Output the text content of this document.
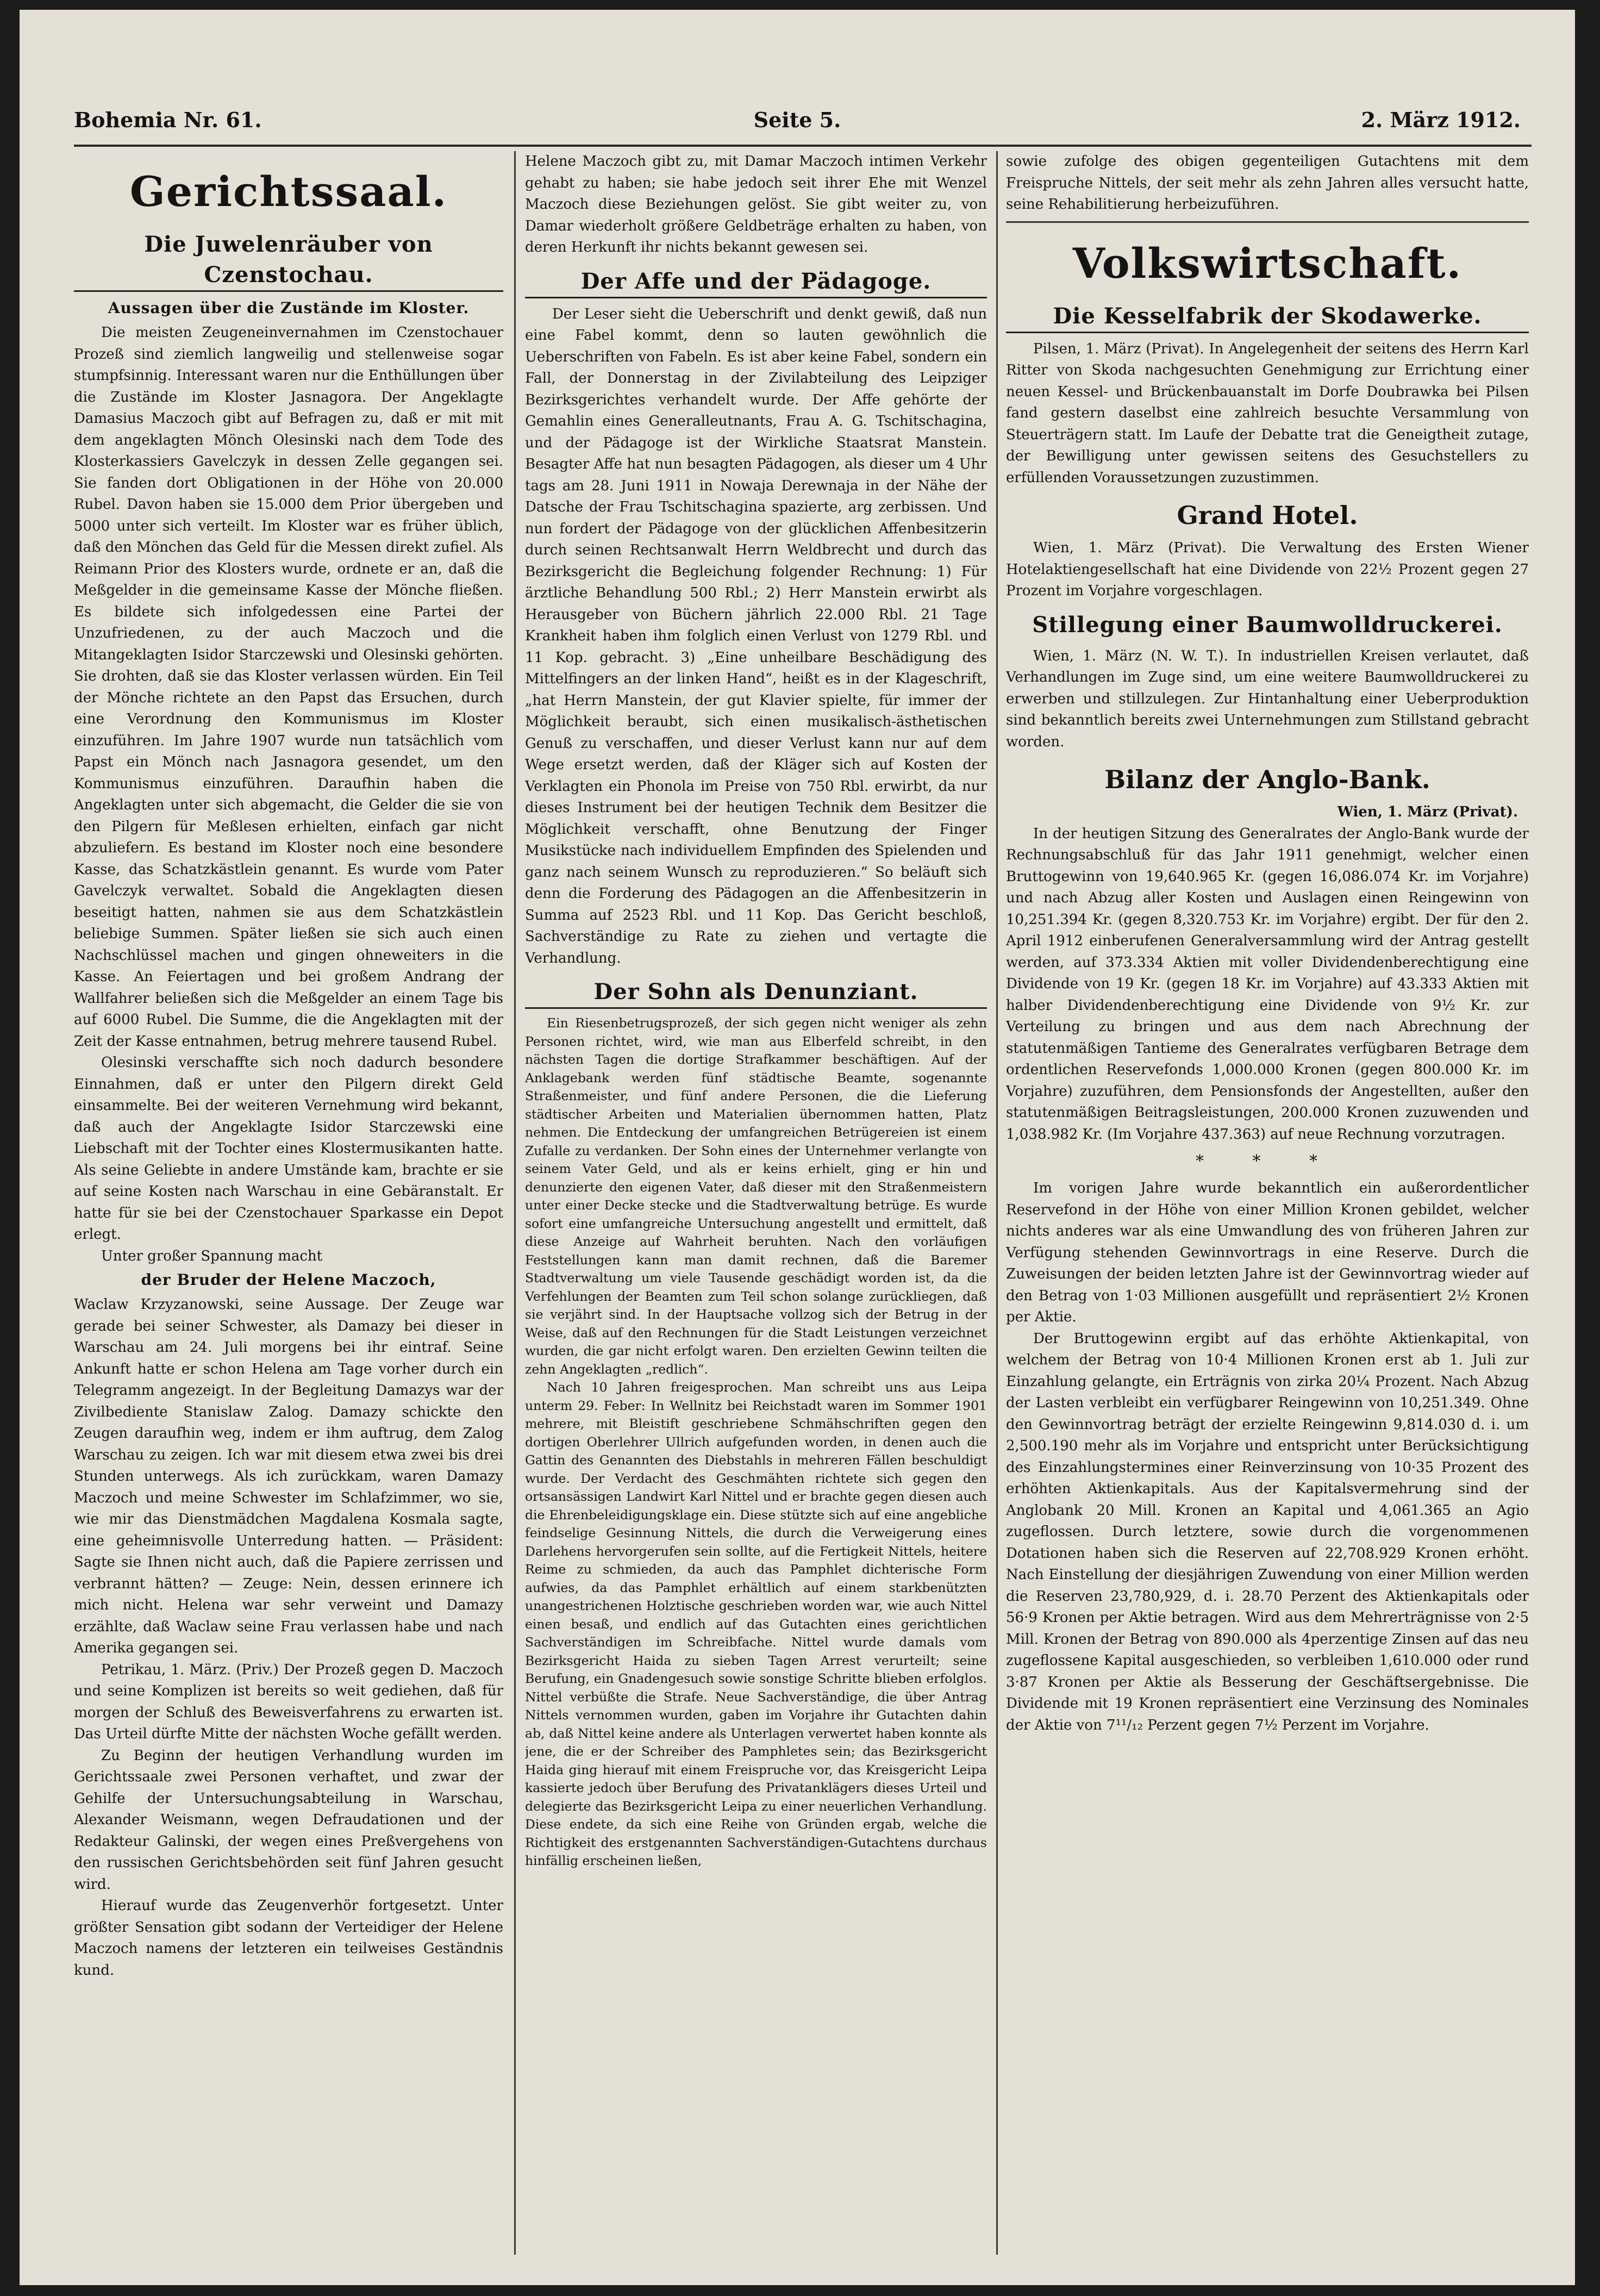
Bohemia Nr. 61.	Seite 5.	2. März 1912.
Gerichtssaal.
Die Juwelenräuber von Czenstochau.
Aussagen über die Zustände im Kloster.

Die meisten Zeugeneinvernahmen im Czenstochauer Prozeß sind ziemlich langweilig und stellenweise sogar stumpfsinnig. Interessant waren nur die Enthüllungen über die Zustände im Kloster Jasnagora. Der Angeklagte Damasius Maczoch gibt auf Befragen zu, daß er mit mit dem angeklagten Mönch Olesinski nach dem Tode des Klosterkassiers Gavelczyk in dessen Zelle gegangen sei. Sie fanden dort Obligationen in der Höhe von 20.000 Rubel. Davon haben sie 15.000 dem Prior übergeben und 5000 unter sich verteilt. Im Kloster war es früher üblich, daß den Mönchen das Geld für die Messen direkt zufiel. Als Reimann Prior des Klosters wurde, ordnete er an, daß die Meßgelder in die gemeinsame Kasse der Mönche fließen. Es bildete sich infolgedessen eine Partei der Unzufriedenen, zu der auch Maczoch und die Mitangeklagten Isidor Starczewski und Olesinski gehörten. Sie drohten, daß sie das Kloster verlassen würden. Ein Teil der Mönche richtete an den Papst das Ersuchen, durch eine Verordnung den Kommunismus im Kloster einzuführen. Im Jahre 1907 wurde nun tatsächlich vom Papst ein Mönch nach Jasnagora gesendet, um den Kommunismus einzuführen. Daraufhin haben die Angeklagten unter sich abgemacht, die Gelder die sie von den Pilgern für Meßlesen erhielten, einfach gar nicht abzuliefern. Es bestand im Kloster noch eine besondere Kasse, das Schatzkästlein genannt. Es wurde vom Pater Gavelczyk verwaltet. Sobald die Angeklagten diesen beseitigt hatten, nahmen sie aus dem Schatzkästlein beliebige Summen. Später ließen sie sich auch einen Nachschlüssel machen und gingen ohneweiters in die Kasse. An Feiertagen und bei großem Andrang der Wallfahrer beließen sich die Meßgelder an einem Tage bis auf 6000 Rubel. Die Summe, die die Angeklagten mit der Zeit der Kasse entnahmen, betrug mehrere tausend Rubel.

Olesinski verschaffte sich noch dadurch besondere Einnahmen, daß er unter den Pilgern direkt Geld einsammelte. Bei der weiteren Vernehmung wird bekannt, daß auch der Angeklagte Isidor Starczewski eine Liebschaft mit der Tochter eines Klostermusikanten hatte. Als seine Geliebte in andere Umstände kam, brachte er sie auf seine Kosten nach Warschau in eine Gebäranstalt. Er hatte für sie bei der Czenstochauer Sparkasse ein Depot erlegt.

Unter großer Spannung macht

der Bruder der Helene Maczoch,

Waclaw Krzyzanowski, seine Aussage. Der Zeuge war gerade bei seiner Schwester, als Damazy bei dieser in Warschau am 24. Juli morgens bei ihr eintraf. Seine Ankunft hatte er schon Helena am Tage vorher durch ein Telegramm angezeigt. In der Begleitung Damazys war der Zivilbediente Stanislaw Zalog. Damazy schickte den Zeugen daraufhin weg, indem er ihm auftrug, dem Zalog Warschau zu zeigen. Ich war mit diesem etwa zwei bis drei Stunden unterwegs. Als ich zurückkam, waren Damazy Maczoch und meine Schwester im Schlafzimmer, wo sie, wie mir das Dienstmädchen Magdalena Kosmala sagte, eine geheimnisvolle Unterredung hatten. — Präsident: Sagte sie Ihnen nicht auch, daß die Papiere zerrissen und verbrannt hätten? — Zeuge: Nein, dessen erinnere ich mich nicht. Helena war sehr verweint und Damazy erzählte, daß Waclaw seine Frau verlassen habe und nach Amerika gegangen sei.

Petrikau, 1. März. (Priv.) Der Prozeß gegen D. Maczoch und seine Komplizen ist bereits so weit gediehen, daß für morgen der Schluß des Beweisverfahrens zu erwarten ist. Das Urteil dürfte Mitte der nächsten Woche gefällt werden.

Zu Beginn der heutigen Verhandlung wurden im Gerichtssaale zwei Personen verhaftet, und zwar der Gehilfe der Untersuchungsabteilung in Warschau, Alexander Weismann, wegen Defraudationen und der Redakteur Galinski, der wegen eines Preßvergehens von den russischen Gerichtsbehörden seit fünf Jahren gesucht wird.

Hierauf wurde das Zeugenverhör fortgesetzt. Unter größter Sensation gibt sodann der Verteidiger der Helene Maczoch namens der letzteren ein teilweises Geständnis kund.

Helene Maczoch gibt zu, mit Damar Maczoch intimen Verkehr gehabt zu haben; sie habe jedoch seit ihrer Ehe mit Wenzel Maczoch diese Beziehungen gelöst. Sie gibt weiter zu, von Damar wiederholt größere Geldbeträge erhalten zu haben, von deren Herkunft ihr nichts bekannt gewesen sei.

Der Affe und der Pädagoge.

Der Leser sieht die Ueberschrift und denkt gewiß, daß nun eine Fabel kommt, denn so lauten gewöhnlich die Ueberschriften von Fabeln. Es ist aber keine Fabel, sondern ein Fall, der Donnerstag in der Zivilabteilung des Leipziger Bezirksgerichtes verhandelt wurde. Der Affe gehörte der Gemahlin eines Generalleutnants, Frau A. G. Tschitschagina, und der Pädagoge ist der Wirkliche Staatsrat Manstein. Besagter Affe hat nun besagten Pädagogen, als dieser um 4 Uhr tags am 28. Juni 1911 in Nowaja Derewnaja in der Nähe der Datsche der Frau Tschitschagina spazierte, arg zerbissen. Und nun fordert der Pädagoge von der glücklichen Affenbesitzerin durch seinen Rechtsanwalt Herrn Weldbrecht und durch das Bezirksgericht die Begleichung folgender Rechnung: 1) Für ärztliche Behandlung 500 Rbl.; 2) Herr Manstein erwirbt als Herausgeber von Büchern jährlich 22.000 Rbl. 21 Tage Krankheit haben ihm folglich einen Verlust von 1279 Rbl. und 11 Kop. gebracht. 3) „Eine unheilbare Beschädigung des Mittelfingers an der linken Hand“, heißt es in der Klageschrift, „hat Herrn Manstein, der gut Klavier spielte, für immer der Möglichkeit beraubt, sich einen musikalisch-ästhetischen Genuß zu verschaffen, und dieser Verlust kann nur auf dem Wege ersetzt werden, daß der Kläger sich auf Kosten der Verklagten ein Phonola im Preise von 750 Rbl. erwirbt, da nur dieses Instrument bei der heutigen Technik dem Besitzer die Möglichkeit verschafft, ohne Benutzung der Finger Musikstücke nach individuellem Empfinden des Spielenden und ganz nach seinem Wunsch zu reproduzieren.“ So beläuft sich denn die Forderung des Pädagogen an die Affenbesitzerin in Summa auf 2523 Rbl. und 11 Kop. Das Gericht beschloß, Sachverständige zu Rate zu ziehen und vertagte die Verhandlung.

Der Sohn als Denunziant.

Ein Riesenbetrugsprozeß, der sich gegen nicht weniger als zehn Personen richtet, wird, wie man aus Elberfeld schreibt, in den nächsten Tagen die dortige Strafkammer beschäftigen. Auf der Anklagebank werden fünf städtische Beamte, sogenannte Straßenmeister, und fünf andere Personen, die die Lieferung städtischer Arbeiten und Materialien übernommen hatten, Platz nehmen. Die Entdeckung der umfangreichen Betrügereien ist einem Zufalle zu verdanken. Der Sohn eines der Unternehmer verlangte von seinem Vater Geld, und als er keins erhielt, ging er hin und denunzierte den eigenen Vater, daß dieser mit den Straßenmeistern unter einer Decke stecke und die Stadtverwaltung betrüge. Es wurde sofort eine umfangreiche Untersuchung angestellt und ermittelt, daß diese Anzeige auf Wahrheit beruhten. Nach den vorläufigen Feststellungen kann man damit rechnen, daß die Baremer Stadtverwaltung um viele Tausende geschädigt worden ist, da die Verfehlungen der Beamten zum Teil schon solange zurückliegen, daß sie verjährt sind. In der Hauptsache vollzog sich der Betrug in der Weise, daß auf den Rechnungen für die Stadt Leistungen verzeichnet wurden, die gar nicht erfolgt waren. Den erzielten Gewinn teilten die zehn Angeklagten „redlich“.

Nach 10 Jahren freigesprochen. Man schreibt uns aus Leipa unterm 29. Feber: In Wellnitz bei Reichstadt waren im Sommer 1901 mehrere, mit Bleistift geschriebene Schmähschriften gegen den dortigen Oberlehrer Ullrich aufgefunden worden, in denen auch die Gattin des Genannten des Diebstahls in mehreren Fällen beschuldigt wurde. Der Verdacht des Geschmähten richtete sich gegen den ortsansässigen Landwirt Karl Nittel und er brachte gegen diesen auch die Ehrenbeleidigungsklage ein. Diese stützte sich auf eine angebliche feindselige Gesinnung Nittels, die durch die Verweigerung eines Darlehens hervorgerufen sein sollte, auf die Fertigkeit Nittels, heitere Reime zu schmieden, da auch das Pamphlet dichterische Form aufwies, da das Pamphlet erhältlich auf einem starkbenützten unangestrichenen Holztische geschrieben worden war, wie auch Nittel einen besaß, und endlich auf das Gutachten eines gerichtlichen Sachverständigen im Schreibfache. Nittel wurde damals vom Bezirksgericht Haida zu sieben Tagen Arrest verurteilt; seine Berufung, ein Gnadengesuch sowie sonstige Schritte blieben erfolglos. Nittel verbüßte die Strafe. Neue Sachverständige, die über Antrag Nittels vernommen wurden, gaben im Vorjahre ihr Gutachten dahin ab, daß Nittel keine andere als Unterlagen verwertet haben konnte als jene, die er der Schreiber des Pamphletes sein; das Bezirksgericht Haida ging hierauf mit einem Freispruche vor, das Kreisgericht Leipa kassierte jedoch über Berufung des Privatanklägers dieses Urteil und delegierte das Bezirksgericht Leipa zu einer neuerlichen Verhandlung. Diese endete, da sich eine Reihe von Gründen ergab, welche die Richtigkeit des erstgenannten Sachverständigen-Gutachtens durchaus hinfällig erscheinen ließen,

sowie zufolge des obigen gegenteiligen Gutachtens mit dem Freispruche Nittels, der seit mehr als zehn Jahren alles versucht hatte, seine Rehabilitierung herbeizuführen.

Volkswirtschaft.
Die Kesselfabrik der Skodawerke.

Pilsen, 1. März (Privat). In Angelegenheit der seitens des Herrn Karl Ritter von Skoda nachgesuchten Genehmigung zur Errichtung einer neuen Kessel- und Brückenbauanstalt im Dorfe Doubrawka bei Pilsen fand gestern daselbst eine zahlreich besuchte Versammlung von Steuerträgern statt. Im Laufe der Debatte trat die Geneigtheit zutage, der Bewilligung unter gewissen seitens des Gesuchstellers zu erfüllenden Voraussetzungen zuzustimmen.

Grand Hotel.

Wien, 1. März (Privat). Die Verwaltung des Ersten Wiener Hotelaktiengesellschaft hat eine Dividende von 22½ Prozent gegen 27 Prozent im Vorjahre vorgeschlagen.

Stillegung einer Baumwolldruckerei.

Wien, 1. März (N. W. T.). In industriellen Kreisen verlautet, daß Verhandlungen im Zuge sind, um eine weitere Baumwolldruckerei zu erwerben und stillzulegen. Zur Hintanhaltung einer Ueberproduktion sind bekanntlich bereits zwei Unternehmungen zum Stillstand gebracht worden.

Bilanz der Anglo-Bank.
Wien, 1. März (Privat).

In der heutigen Sitzung des Generalrates der Anglo-Bank wurde der Rechnungsabschluß für das Jahr 1911 genehmigt, welcher einen Bruttogewinn von 19,640.965 Kr. (gegen 16,086.074 Kr. im Vorjahre) und nach Abzug aller Kosten und Auslagen einen Reingewinn von 10,251.394 Kr. (gegen 8,320.753 Kr. im Vorjahre) ergibt. Der für den 2. April 1912 einberufenen Generalversammlung wird der Antrag gestellt werden, auf 373.334 Aktien mit voller Dividendenberechtigung eine Dividende von 19 Kr. (gegen 18 Kr. im Vorjahre) auf 43.333 Aktien mit halber Dividendenberechtigung eine Dividende von 9½ Kr. zur Verteilung zu bringen und aus dem nach Abrechnung der statutenmäßigen Tantieme des Generalrates verfügbaren Betrage dem ordentlichen Reservefonds 1,000.000 Kronen (gegen 800.000 Kr. im Vorjahre) zuzuführen, dem Pensionsfonds der Angestellten, außer den statutenmäßigen Beitragsleistungen, 200.000 Kronen zuzuwenden und 1,038.982 Kr. (Im Vorjahre 437.363) auf neue Rechnung vorzutragen.

* * *

Im vorigen Jahre wurde bekanntlich ein außerordentlicher Reservefond in der Höhe von einer Million Kronen gebildet, welcher nichts anderes war als eine Umwandlung des von früheren Jahren zur Verfügung stehenden Gewinnvortrags in eine Reserve. Durch die Zuweisungen der beiden letzten Jahre ist der Gewinnvortrag wieder auf den Betrag von 1·03 Millionen ausgefüllt und repräsentiert 2½ Kronen per Aktie.

Der Bruttogewinn ergibt auf das erhöhte Aktienkapital, von welchem der Betrag von 10·4 Millionen Kronen erst ab 1. Juli zur Einzahlung gelangte, ein Erträgnis von zirka 20¼ Prozent. Nach Abzug der Lasten verbleibt ein verfügbarer Reingewinn von 10,251.349. Ohne den Gewinnvortrag beträgt der erzielte Reingewinn 9,814.030 d. i. um 2,500.190 mehr als im Vorjahre und entspricht unter Berücksichtigung des Einzahlungstermines einer Reinverzinsung von 10·35 Prozent des erhöhten Aktienkapitals. Aus der Kapitalsvermehrung sind der Anglobank 20 Mill. Kronen an Kapital und 4,061.365 an Agio zugeflossen. Durch letztere, sowie durch die vorgenommenen Dotationen haben sich die Reserven auf 22,708.929 Kronen erhöht. Nach Einstellung der diesjährigen Zuwendung von einer Million werden die Reserven 23,780,929, d. i. 28.70 Perzent des Aktienkapitals oder 56·9 Kronen per Aktie betragen. Wird aus dem Mehrerträgnisse von 2·5 Mill. Kronen der Betrag von 890.000 als 4perzentige Zinsen auf das neu zugeflossene Kapital ausgeschieden, so verbleiben 1,610.000 oder rund 3·87 Kronen per Aktie als Besserung der Geschäftsergebnisse. Die Dividende mit 19 Kronen repräsentiert eine Verzinsung des Nominales der Aktie von 7¹¹/₁₂ Perzent gegen 7½ Perzent im Vorjahre.
